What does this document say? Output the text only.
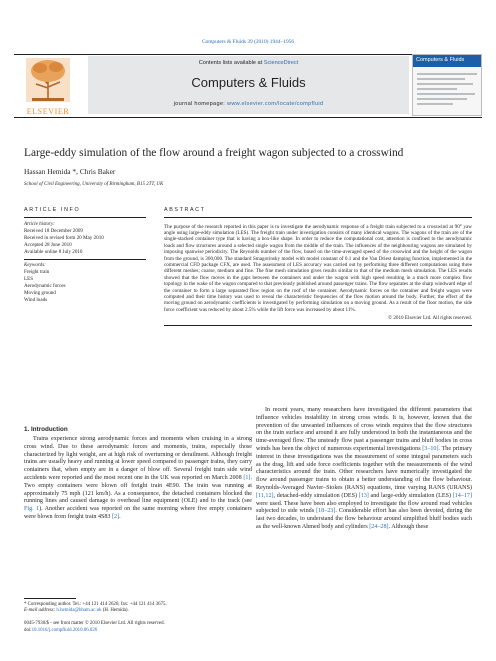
Computers & Fluids 39 (2010) 1944–1956
ELSEVIER
Contents lists available at ScienceDirect
Computers & Fluids
journal homepage: www.elsevier.com/locate/compfluid
Computers & Fluids
Large-eddy simulation of the flow around a freight wagon subjected to a crosswind
Hassan Hemida *, Chris Baker
School of Civil Engineering, University of Birmingham, B15 2TT, UK
ARTICLE INFO
Article history:
Received 18 December 2009
Received in revised form 20 May 2010
Accepted 28 June 2010
Available online 8 July 2010
Keywords:
Freight train
LES
Aerodynamic forces
Moving ground
Wind loads
ABSTRACT
The purpose of the research reported in this paper is to investigate the aerodynamic response of a freight train subjected to a crosswind at 90° yaw angle using large-eddy simulation (LES). The freight train under investigation consists of many identical wagons. The wagons of the train are of the single-stacked container type that is having a box-like shape. In order to reduce the computational cost, attention is confined to the aerodynamic loads and flow structures around a selected single wagon from the middle of the train. The influences of the neighbouring wagons are simulated by imposing spanwise periodicity. The Reynolds number of the flow, based on the time-averaged speed of the crosswind and the height of the wagon from the ground, is 300,000. The standard Smagorinsky model with model constant of 0.1 and the Van Driest damping function, implemented in the commercial CFD package CFX, are used. The assessment of LES accuracy was carried out by performing three different computations using three different meshes; coarse, medium and fine. The fine mesh simulation gives results similar to that of the medium mesh simulation. The LES results showed that the flow moves in the gaps between the containers and under the wagon with high speed resulting in a much more complex flow topology in the wake of the wagon compared to that previously published around passenger trains. The flow separates at the sharp windward edge of the container to form a large separated flow region on the roof of the container. Aerodynamic forces on the container and freight wagon were computed and their time history was used to reveal the characteristic frequencies of the flow motion around the body. Further, the effect of the moving ground on aerodynamic coefficients is investigated by performing simulation on a moving ground. As a result of the floor motion, the side force coefficient was reduced by about 2.5% while the lift force was increased by about 11%.
© 2010 Elsevier Ltd. All rights reserved.
1. Introduction

Trains experience strong aerodynamic forces and moments when cruising in a strong cross wind. Due to these aerodynamic forces and moments, trains, especially those characterized by light weight, are at high risk of overturning or derailment. Although freight trains are usually heavy and running at lower speed compared to passenger trains, they carry containers that, when empty are in a danger of blow off. Several freight train side wind accidents were reported and the most recent one in the UK was reported on March 2008 [1]. Two empty containers were blown off freight train 4E90. The train was running at approximately 75 mph (121 km/h). As a consequence, the detached containers blocked the running lines and caused damage to overhead line equipment (OLE) and to the track (see Fig. 1). Another accident was reported on the same morning where five empty containers were blown from freight train 4S83 [2].

In recent years, many researchers have investigated the different parameters that influence vehicles instability in strong cross winds. It is, however, known that the prevention of the unwanted influences of cross winds requires that the flow structures on the train surface and around it are fully understood in both the instantaneous and the time-averaged flow. The unsteady flow past a passenger trains and bluff bodies in cross winds has been the object of numerous experimental investigations [3–10]. The primary interest in these investigations was the measurement of some integral parameters such as the drag, lift and side force coefficients together with the measurements of the wind characteristics around the train. Other researchers have numerically investigated the flow around passenger trains to obtain a better understanding of the flow behaviour. Reynolds-Averaged Navier–Stokes (RANS) equations, time varying RANS (URANS) [11,12], detached-eddy simulation (DES) [13] and large-eddy simulation (LES) [14–17] were used. These have been also employed to investigate the flow around road vehicles subjected to side winds [18–23]. Considerable effort has also been devoted, during the last two decades, to understand the flow behaviour around simplified bluff bodies such as the well-known Ahmed body and cylinders [24–28]. Although these

* Corresponding author. Tel.: +44 121 414 2626; fax: +44 121 414 3675.
E-mail address: h.hemida@bham.ac.uk (H. Hemida).
0045-7930/$ - see front matter © 2010 Elsevier Ltd. All rights reserved.
doi:10.1016/j.compfluid.2010.06.026
